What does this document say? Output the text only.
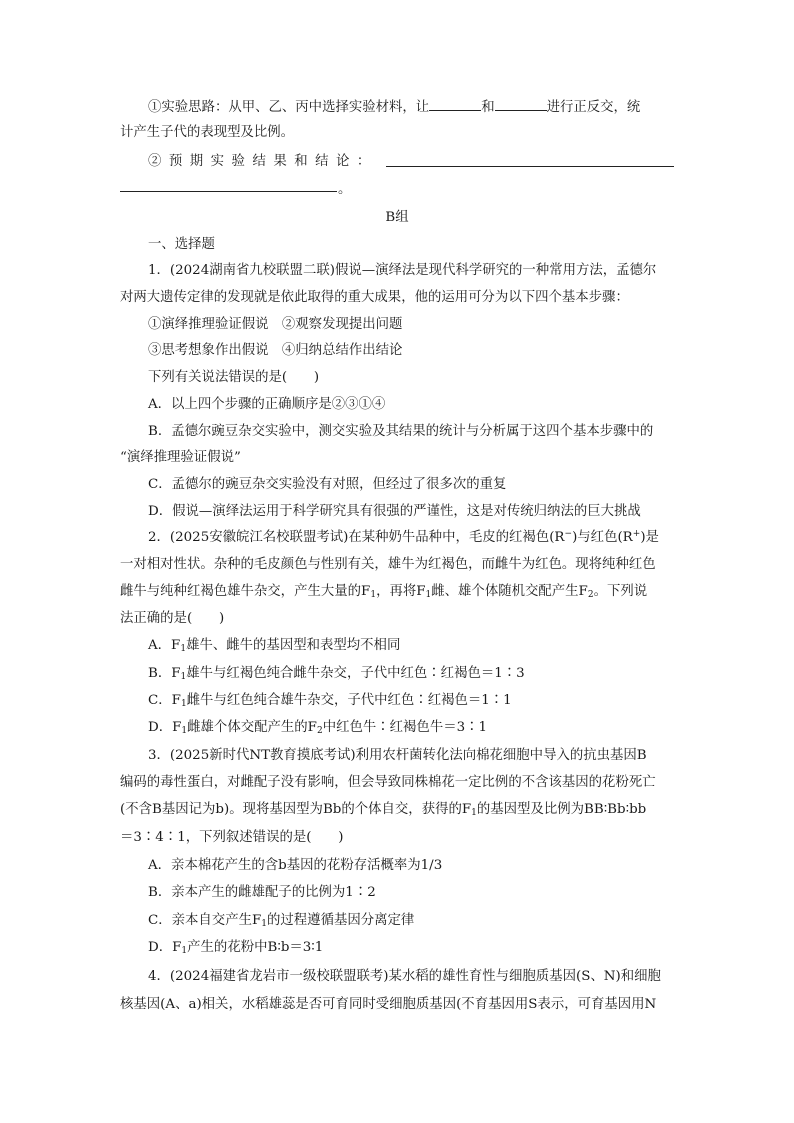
①实验思路：从甲、乙、丙中选择实验材料，让	和	进行正反交，统
计产生子代的表现型及比例。
②预期实验结果和结论：
。
B组
一、选择题
1．(2024湖南省九校联盟二联)假说—演绎法是现代科学研究的一种常用方法，孟德尔
对两大遗传定律的发现就是依此取得的重大成果，他的运用可分为以下四个基本步骤：
①演绎推理验证假说　②观察发现提出问题
③思考想象作出假说　④归纳总结作出结论
下列有关说法错误的是(　　)
A．以上四个步骤的正确顺序是②③①④
B．孟德尔豌豆杂交实验中，测交实验及其结果的统计与分析属于这四个基本步骤中的
“演绎推理验证假说”
C．孟德尔的豌豆杂交实验没有对照，但经过了很多次的重复
D．假说—演绎法运用于科学研究具有很强的严谨性，这是对传统归纳法的巨大挑战
2．(2025安徽皖江名校联盟考试)在某种奶牛品种中，毛皮的红褐色(R−)与红色(R+)是
一对相对性状。杂种的毛皮颜色与性别有关，雄牛为红褐色，而雌牛为红色。现将纯种红色
雌牛与纯种红褐色雄牛杂交，产生大量的$F_1$，再将$F_1$雌、雄个体随机交配产生$F_2$。下列说
法正确的是(　　)
A．$F_1$雄牛、雌牛的基因型和表型均不相同
B．$F_1$雄牛与红褐色纯合雌牛杂交，子代中红色∶红褐色＝1∶3
C．$F_1$雌牛与红色纯合雄牛杂交，子代中红色∶红褐色＝1∶1
D．$F_1$雌雄个体交配产生的$F_2$中红色牛∶红褐色牛＝3∶1
3．(2025新时代NT教育摸底考试)利用农杆菌转化法向棉花细胞中导入的抗虫基因B
编码的毒性蛋白，对雌配子没有影响，但会导致同株棉花一定比例的不含该基因的花粉死亡
(不含B基因记为b)。现将基因型为Bb的个体自交，获得的$F_1$的基因型及比例为BB∶Bb∶bb
＝3∶4∶1，下列叙述错误的是(　　)
A．亲本棉花产生的含b基因的花粉存活概率为1/3
B．亲本产生的雌雄配子的比例为1∶2
C．亲本自交产生$F_1$的过程遵循基因分离定律
D．$F_1$产生的花粉中B∶b＝3∶1
4．(2024福建省龙岩市一级校联盟联考)某水稻的雄性育性与细胞质基因(S、N)和细胞
核基因(A、a)相关，水稻雄蕊是否可育同时受细胞质基因(不育基因用S表示，可育基因用N
